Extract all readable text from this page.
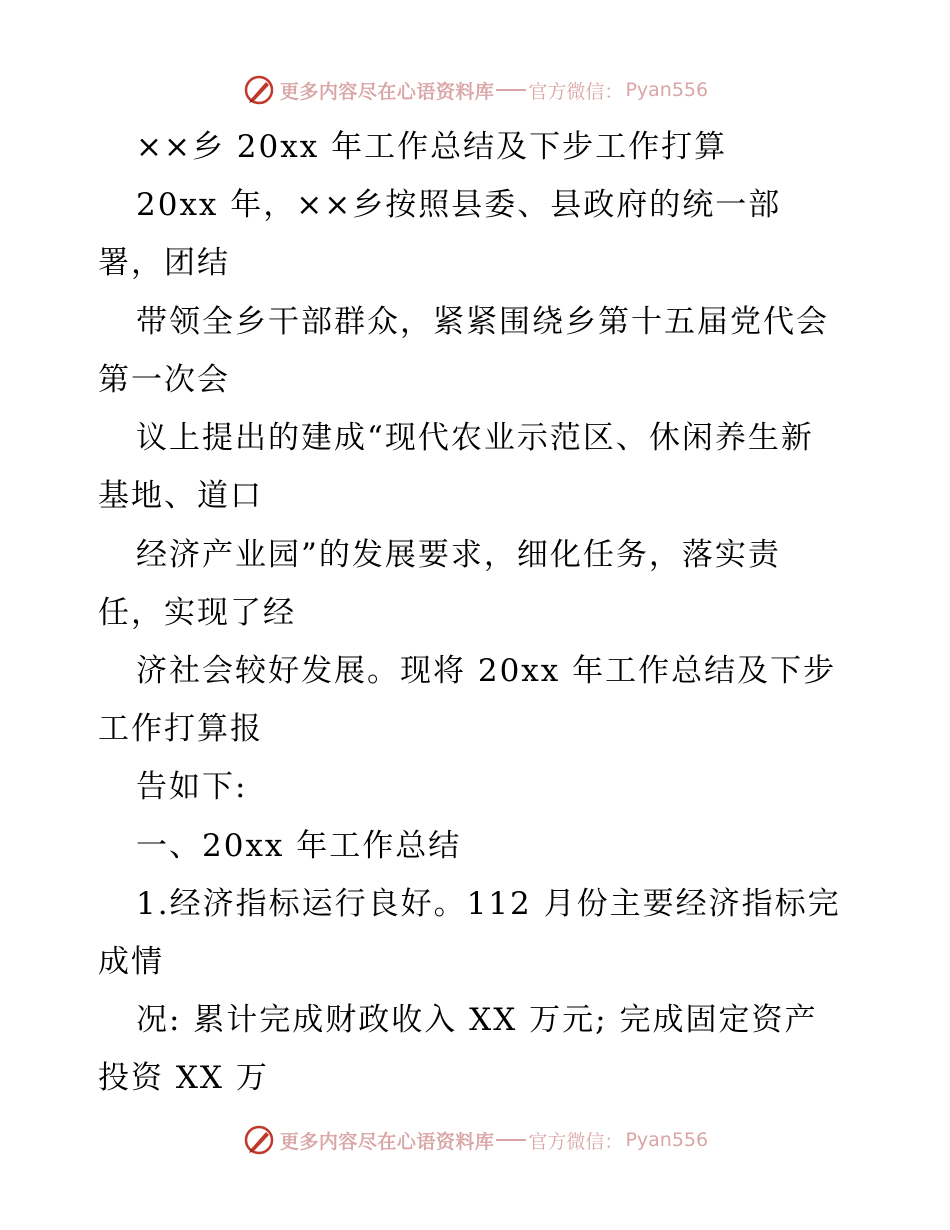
更多内容尽在心语资料库 官方微信： Pyan556

××乡 20xx 年工作总结及下步工作打算

20xx 年，××乡按照县委、县政府的统一部

署，团结

带领全乡干部群众，紧紧围绕乡第十五届党代会

第一次会

议上提出的建成“现代农业示范区、休闲养生新

基地、道口

经济产业园”的发展要求，细化任务，落实责

任，实现了经

济社会较好发展。现将 20xx 年工作总结及下步

工作打算报

告如下:

一、20xx 年工作总结

1.经济指标运行良好。112 月份主要经济指标完

成情

况: 累计完成财政收入 XX 万元; 完成固定资产

投资 XX 万

更多内容尽在心语资料库 官方微信： Pyan556
